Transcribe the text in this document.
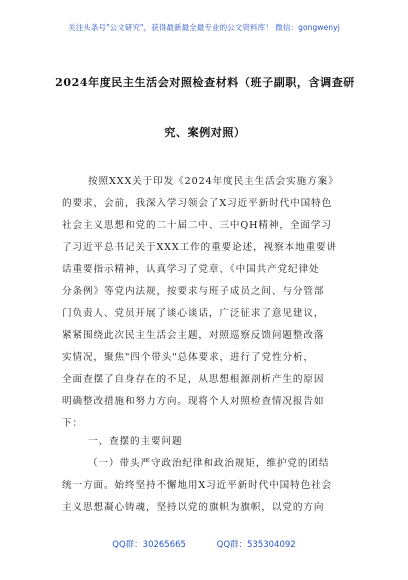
关注头条号"公文研究"，获得最新最全最专业的公文资料库！ 微信：gongwenyj
2024年度民主生活会对照检查材料（班子副职，含调查研
究、案例对照）
按照XXX关于印发《2024年度民主生活会实施方案》
的要求，会前，我深入学习领会了X习近平新时代中国特色
社会主义思想和党的二十届二中、三中QH精神，全面学习
了习近平总书记关于XXX工作的重要论述，视察本地重要讲
话重要指示精神，认真学习了党章、《中国共产党纪律处
分条例》等党内法规，按要求与班子成员之间、与分管部
门负责人、党员开展了谈心谈话，广泛征求了意见建议，
紧紧围绕此次民主生活会主题，对照巡察反馈问题整改落
实情况，聚焦"四个带头"总体要求，进行了党性分析，
全面查摆了自身存在的不足，从思想根源剖析产生的原因
明确整改措施和努力方向。现将个人对照检查情况报告如
下：
一、查摆的主要问题
（一）带头严守政治纪律和政治规矩，维护党的团结
统一方面。始终坚持不懈地用X习近平新时代中国特色社会
主义思想凝心铸魂，坚持以党的旗帜为旗帜，以党的方向
QQ群：30265665	QQ群：535304092
